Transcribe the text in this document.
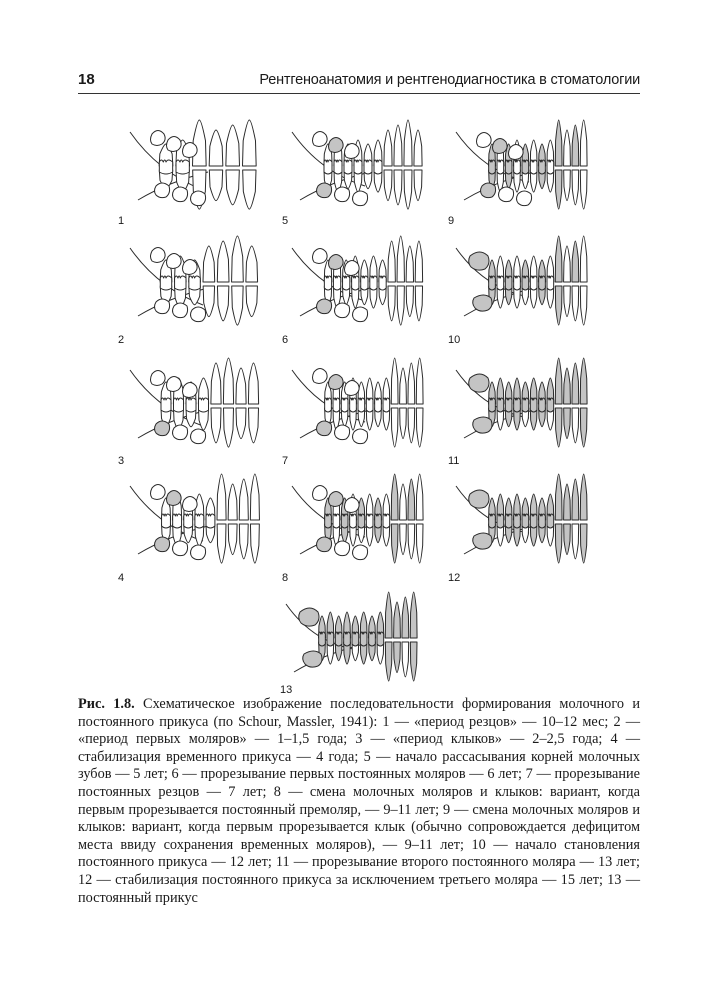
18	Рентгеноанатомия и рентгенодиагностика в стоматологии
1
2
3
4
5
6
7
8
9
10
11
12
13

Рис. 1.8. Схематическое изображение последовательности формирования молочного и постоянного прикуса (по Schour, Massler, 1941): 1 — «период резцов» — 10–12 мес; 2 — «период первых моляров» — 1–1,5 года; 3 — «период клыков» — 2–2,5 года; 4 — стабилизация временного прикуса — 4 года; 5 — начало рассасывания корней молочных зубов — 5 лет; 6 — прорезывание первых постоянных моляров — 6 лет; 7 — прорезывание постоянных резцов — 7 лет; 8 — смена молочных моляров и клыков: вариант, когда первым прорезывается постоянный премоляр, — 9–11 лет; 9 — смена молочных моляров и клыков: вариант, когда первым прорезывается клык (обычно сопровождается дефицитом места ввиду сохранения временных моляров), — 9–11 лет; 10 — начало становления постоянного прикуса — 12 лет; 11 — прорезывание второго постоянного моляра — 13 лет; 12 — стабилизация постоянного прикуса за исключением третьего моляра — 15 лет; 13 — постоянный прикус
